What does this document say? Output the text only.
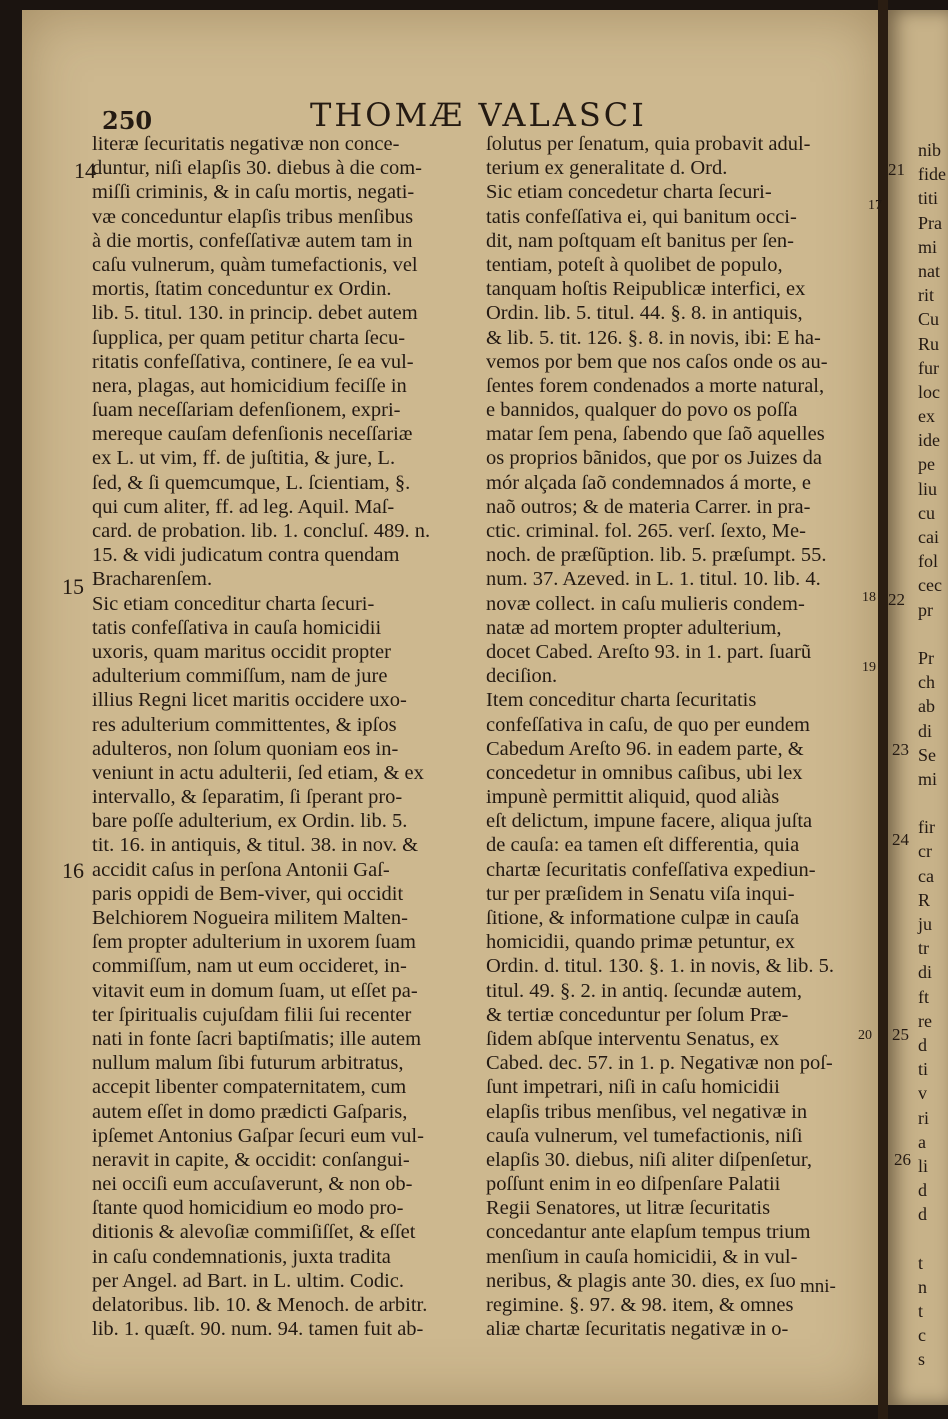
nib
fide
titi
Pra
mi
nat
rit
Cu
Ru
fur
loc
ex
ide
pe
liu
cu
cai
fol
cec
pr
Pr
ch
ab
di
Se
mi
fir
cr
ca
R
ju
tr
di
ft
re
d
ti
v
ri
a
li
d
d
t
n
t
c
s
21
22
23
24
25
26
250	THOMÆ VALASCI
literæ ſecuritatis negativæ non conce-
duntur, niſi elapſis 30. diebus à die com-
miſſi criminis, & in caſu mortis, negati-
væ conceduntur elapſis tribus menſibus
à die mortis, confeſſativæ autem tam in
caſu vulnerum, quàm tumefactionis, vel
mortis, ſtatim conceduntur ex Ordin.
lib. 5. titul. 130. in princip. debet autem
ſupplica, per quam petitur charta ſecu-
ritatis confeſſativa, continere, ſe ea vul-
nera, plagas, aut homicidium feciſſe in
ſuam neceſſariam defenſionem, expri-
mereque cauſam defenſionis neceſſariæ
ex L. ut vim, ff. de juſtitia, & jure, L.
ſed, & ſi quemcumque, L. ſcientiam, §.
qui cum aliter, ff. ad leg. Aquil. Maſ-
card. de probation. lib. 1. concluſ. 489. n.
15. & vidi judicatum contra quendam
Bracharenſem.
Sic etiam conceditur charta ſecuri-
tatis confeſſativa in cauſa homicidii
uxoris, quam maritus occidit propter
adulterium commiſſum, nam de jure
illius Regni licet maritis occidere uxo-
res adulterium committentes, & ipſos
adulteros, non ſolum quoniam eos in-
veniunt in actu adulterii, ſed etiam, & ex
intervallo, & ſeparatim, ſi ſperant pro-
bare poſſe adulterium, ex Ordin. lib. 5.
tit. 16. in antiquis, & titul. 38. in nov. &
accidit caſus in perſona Antonii Gaſ-
paris oppidi de Bem-viver, qui occidit
Belchiorem Nogueira militem Malten-
ſem propter adulterium in uxorem ſuam
commiſſum, nam ut eum occideret, in-
vitavit eum in domum ſuam, ut eſſet pa-
ter ſpiritualis cujuſdam filii ſui recenter
nati in fonte ſacri baptiſmatis; ille autem
nullum malum ſibi futurum arbitratus,
accepit libenter compaternitatem, cum
autem eſſet in domo prædicti Gaſparis,
ipſemet Antonius Gaſpar ſecuri eum vul-
neravit in capite, & occidit: conſangui-
nei occiſi eum accuſaverunt, & non ob-
ſtante quod homicidium eo modo pro-
ditionis & alevoſiæ commiſiſſet, & eſſet
in caſu condemnationis, juxta tradita
per Angel. ad Bart. in L. ultim. Codic.
delatoribus. lib. 10. & Menoch. de arbitr.
lib. 1. quæſt. 90. num. 94. tamen fuit ab-
ſolutus per ſenatum, quia probavit adul-
terium ex generalitate d. Ord.
Sic etiam concedetur charta ſecuri-
tatis confeſſativa ei, qui banitum occi-
dit, nam poſtquam eſt banitus per ſen-
tentiam, poteſt à quolibet de populo,
tanquam hoſtis Reipublicæ interfici, ex
Ordin. lib. 5. titul. 44. §. 8. in antiquis,
& lib. 5. tit. 126. §. 8. in novis, ibi: E ha-
vemos por bem que nos caſos onde os au-
ſentes forem condenados a morte natural,
e bannidos, qualquer do povo os poſſa
matar ſem pena, ſabendo que ſaõ aquelles
os proprios bãnidos, que por os Juizes da
mór alçada ſaõ condemnados á morte, e
naõ outros; & de materia Carrer. in pra-
ctic. criminal. fol. 265. verſ. ſexto, Me-
noch. de præſũption. lib. 5. præſumpt. 55.
num. 37. Azeved. in L. 1. titul. 10. lib. 4.
novæ collect. in caſu mulieris condem-
natæ ad mortem propter adulterium,
docet Cabed. Areſto 93. in 1. part. ſuarũ
deciſion.
Item conceditur charta ſecuritatis
confeſſativa in caſu, de quo per eundem
Cabedum Areſto 96. in eadem parte, &
concedetur in omnibus caſibus, ubi lex
impunè permittit aliquid, quod aliàs
eſt delictum, impune facere, aliqua juſta
de cauſa: ea tamen eſt differentia, quia
chartæ ſecuritatis confeſſativa expediun-
tur per præſidem in Senatu viſa inqui-
ſitione, & informatione culpæ in cauſa
homicidii, quando primæ petuntur, ex
Ordin. d. titul. 130. §. 1. in novis, & lib. 5.
titul. 49. §. 2. in antiq. ſecundæ autem,
& tertiæ conceduntur per ſolum Præ-
ſidem abſque interventu Senatus, ex
Cabed. dec. 57. in 1. p. Negativæ non poſ-
ſunt impetrari, niſi in caſu homicidii
elapſis tribus menſibus, vel negativæ in
cauſa vulnerum, vel tumefactionis, niſi
elapſis 30. diebus, niſi aliter diſpenſetur,
poſſunt enim in eo diſpenſare Palatii
Regii Senatores, ut litræ ſecuritatis
concedantur ante elapſum tempus trium
menſium in cauſa homicidii, & in vul-
neribus, & plagis ante 30. dies, ex ſuo
regimine. §. 97. & 98. item, & omnes
aliæ chartæ ſecuritatis negativæ in o-
14
15
16
17
18
19
20
mni-
